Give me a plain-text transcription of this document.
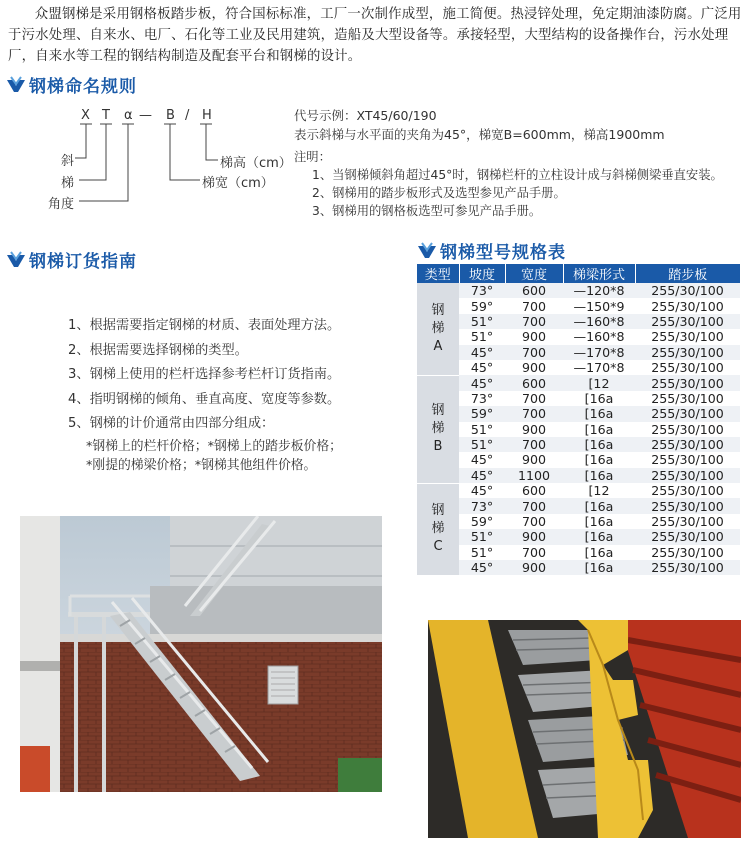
众盟钢梯是采用钢格板踏步板，符合国标标准，工厂一次制作成型，施工简便。热浸锌处理，免定期油漆防腐。广泛用于污水处理、自来水、电厂、石化等工业及民用建筑，造船及大型设备等。承接轻型，大型结构的设备操作台，污水处理厂，自来水等工程的钢结构制造及配套平台和钢梯的设计。
钢梯命名规则
X T α — B / H
斜
梯
角度
梯高（cm）
梯宽（cm）
代号示例：XT45/60/190
表示斜梯与水平面的夹角为45°，梯宽B=600mm，梯高1900mm
注明：
1、当钢梯倾斜角超过45°时，钢梯栏杆的立柱设计成与斜梯侧梁垂直安装。
2、钢梯用的踏步板形式及选型参见产品手册。
3、钢梯用的钢格板选型可参见产品手册。
钢梯订货指南
1、根据需要指定钢梯的材质、表面处理方法。
2、根据需要选择钢梯的类型。
3、钢梯上使用的栏杆选择参考栏杆订货指南。
4、指明钢梯的倾角、垂直高度、宽度等参数。
5、钢梯的计价通常由四部分组成：
*钢梯上的栏杆价格；*钢梯上的踏步板价格；
*刚提的梯梁价格；*钢梯其他组件价格。
钢梯型号规格表
类型	坡度	宽度	梯梁形式	踏步板

钢
梯
A	73°	600	—120*8	255/30/100
	59°	700	—150*9	255/30/100
	51°	700	—160*8	255/30/100
	51°	900	—160*8	255/30/100
	45°	700	—170*8	255/30/100
	45°	900	—170*8	255/30/100

钢
梯
B	45°	600	[12	255/30/100
	73°	700	[16a	255/30/100
	59°	700	[16a	255/30/100
	51°	900	[16a	255/30/100
	51°	700	[16a	255/30/100
	45°	900	[16a	255/30/100
	45°	1100	[16a	255/30/100

钢
梯
C	45°	600	[12	255/30/100
	73°	700	[16a	255/30/100
	59°	700	[16a	255/30/100
	51°	900	[16a	255/30/100
	51°	700	[16a	255/30/100
	45°	900	[16a	255/30/100
